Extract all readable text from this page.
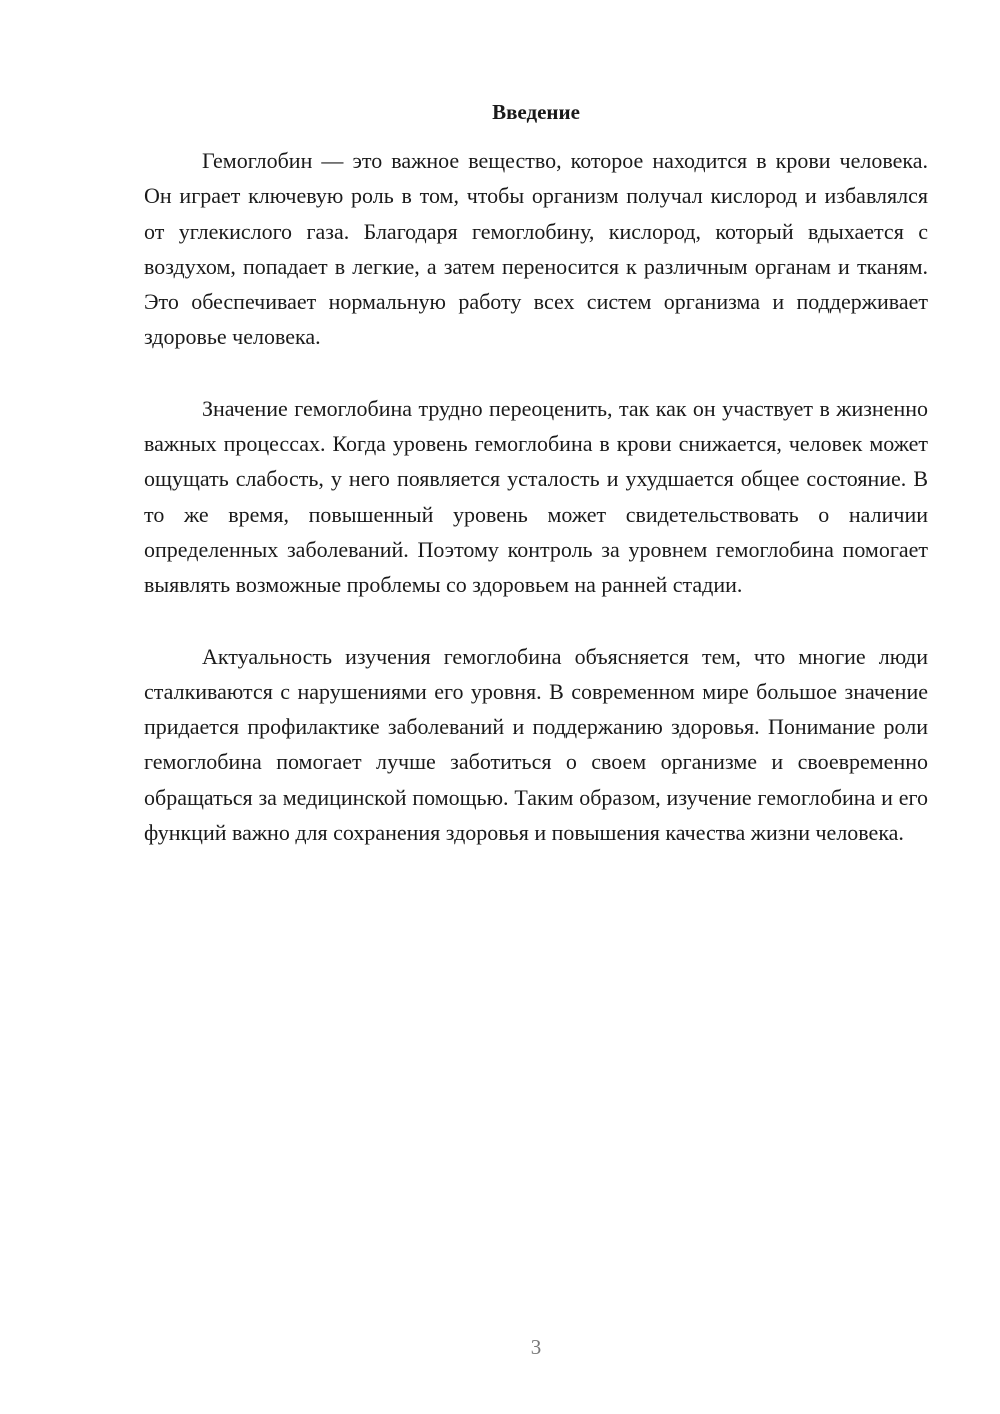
Введение

Гемоглобин — это важное вещество, которое находится в крови человека. Он играет ключевую роль в том, чтобы организм получал кислород и избавлялся от углекислого газа. Благодаря гемоглобину, кислород, который вдыхается с воздухом, попадает в легкие, а затем переносится к различным органам и тканям. Это обеспечивает нормальную работу всех систем организма и поддерживает здоровье человека.

Значение гемоглобина трудно переоценить, так как он участвует в жизненно важных процессах. Когда уровень гемоглобина в крови снижается, человек может ощущать слабость, у него появляется усталость и ухудшается общее состояние. В то же время, повышенный уровень может свидетельствовать о наличии определенных заболеваний. Поэтому контроль за уровнем гемоглобина помогает выявлять возможные проблемы со здоровьем на ранней стадии.

Актуальность изучения гемоглобина объясняется тем, что многие люди сталкиваются с нарушениями его уровня. В современном мире большое значение придается профилактике заболеваний и поддержанию здоровья. Понимание роли гемоглобина помогает лучше заботиться о своем организме и своевременно обращаться за медицинской помощью. Таким образом, изучение гемоглобина и его функций важно для сохранения здоровья и повышения качества жизни человека.

3
